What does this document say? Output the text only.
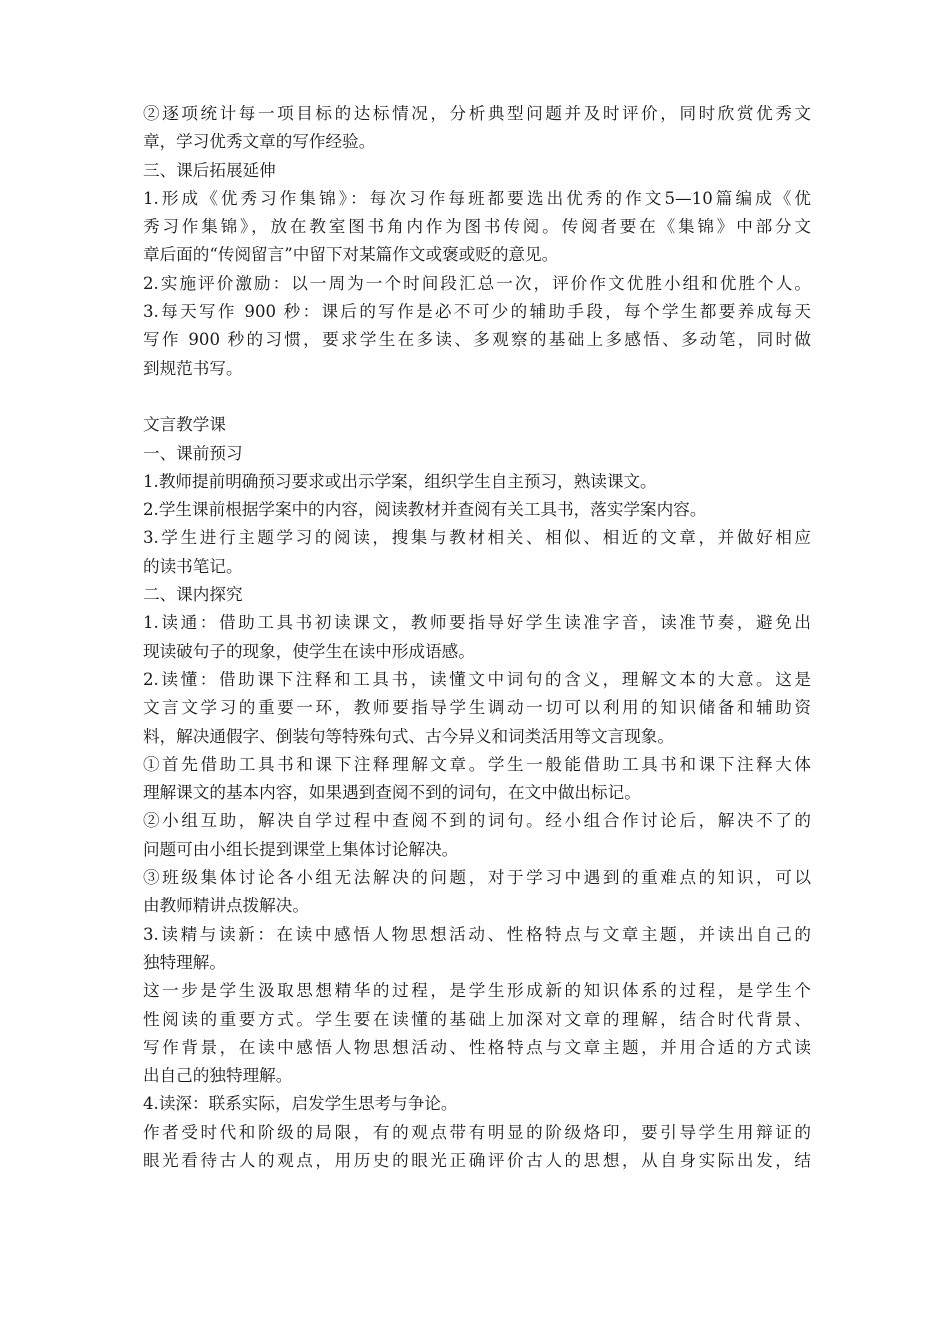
②逐项统计每一项目标的达标情况，分析典型问题并及时评价，同时欣赏优秀文
章，学习优秀文章的写作经验。
三、课后拓展延伸
1.形成《优秀习作集锦》：每次习作每班都要选出优秀的作文5—10篇编成《优
秀习作集锦》，放在教室图书角内作为图书传阅。传阅者要在《集锦》中部分文
章后面的“传阅留言”中留下对某篇作文或褒或贬的意见。
2.实施评价激励：以一周为一个时间段汇总一次，评价作文优胜小组和优胜个人。
3.每天写作 900 秒：课后的写作是必不可少的辅助手段，每个学生都要养成每天
写作 900 秒的习惯，要求学生在多读、多观察的基础上多感悟、多动笔，同时做
到规范书写。
文言教学课
一、课前预习
1.教师提前明确预习要求或出示学案，组织学生自主预习，熟读课文。
2.学生课前根据学案中的内容，阅读教材并查阅有关工具书，落实学案内容。
3.学生进行主题学习的阅读，搜集与教材相关、相似、相近的文章，并做好相应
的读书笔记。
二、课内探究
1.读通：借助工具书初读课文，教师要指导好学生读准字音，读准节奏，避免出
现读破句子的现象，使学生在读中形成语感。
2.读懂：借助课下注释和工具书，读懂文中词句的含义，理解文本的大意。这是
文言文学习的重要一环，教师要指导学生调动一切可以利用的知识储备和辅助资
料，解决通假字、倒装句等特殊句式、古今异义和词类活用等文言现象。
①首先借助工具书和课下注释理解文章。学生一般能借助工具书和课下注释大体
理解课文的基本内容，如果遇到查阅不到的词句，在文中做出标记。
②小组互助，解决自学过程中查阅不到的词句。经小组合作讨论后，解决不了的
问题可由小组长提到课堂上集体讨论解决。
③班级集体讨论各小组无法解决的问题，对于学习中遇到的重难点的知识，可以
由教师精讲点拨解决。
3.读精与读新：在读中感悟人物思想活动、性格特点与文章主题，并读出自己的
独特理解。
这一步是学生汲取思想精华的过程，是学生形成新的知识体系的过程，是学生个
性阅读的重要方式。学生要在读懂的基础上加深对文章的理解，结合时代背景、
写作背景，在读中感悟人物思想活动、性格特点与文章主题，并用合适的方式读
出自己的独特理解。
4.读深：联系实际，启发学生思考与争论。
作者受时代和阶级的局限，有的观点带有明显的阶级烙印，要引导学生用辩证的
眼光看待古人的观点，用历史的眼光正确评价古人的思想，从自身实际出发，结
